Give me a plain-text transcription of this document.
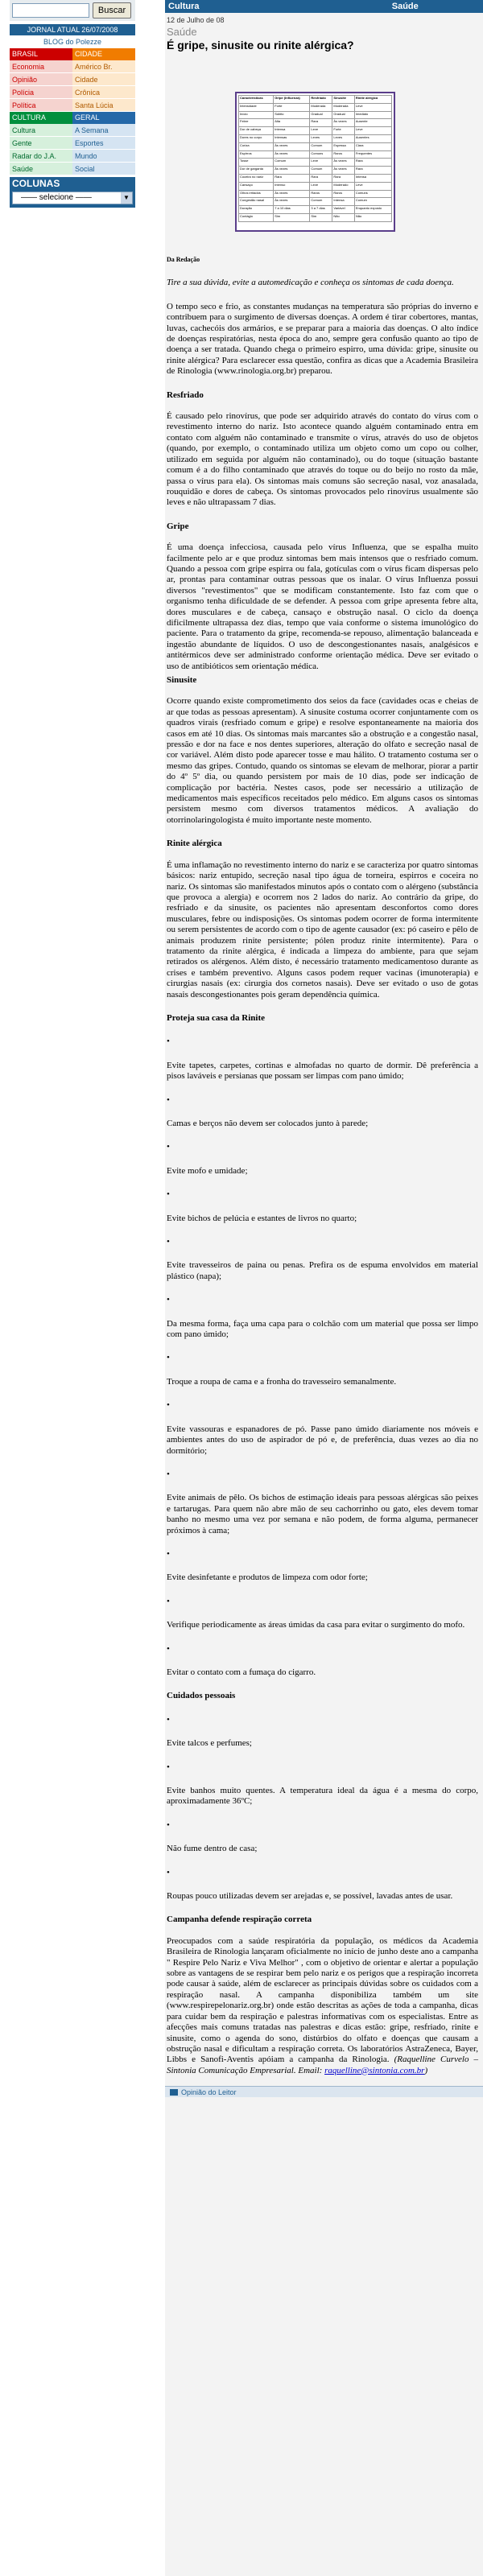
Buscar
JORNAL ATUAL 26/07/2008
BLOG do Polezze
BRASIL	CIDADE
Economia	Américo Br.
Opinião	Cidade
Polícia	Crônica
Política	Santa Lúcia
CULTURA	GERAL
Cultura	A Semana
Gente	Esportes
Radar do J.A.	Mundo
Saúde	Social
COLUNAS
—— selecione ——	▼
Cultura	Saúde
12 de Julho de 08
Saúde
É gripe, sinusite ou rinite alérgica?
Características	Gripe (Influenza)	Resfriado	Sinusite	Rinite alérgica
Intensidade	Forte	Moderada	Moderada	Leve
Início	Súbito	Gradual	Gradual	Imediato
Febre	Alta	Rara	Às vezes	Ausente
Dor de cabeça	Intensa	Leve	Forte	Leve
Dores no corpo	Intensas	Leves	Leves	Ausentes
Coriza	Às vezes	Comum	Espessa	Clara
Espirros	Às vezes	Comuns	Raros	Frequentes
Tosse	Comum	Leve	Às vezes	Rara
Dor de garganta	Às vezes	Comum	Às vezes	Rara
Coceira no nariz	Rara	Rara	Rara	Intensa
Cansaço	Intenso	Leve	Moderado	Leve
Olhos irritados	Às vezes	Raros	Raros	Comuns
Congestão nasal	Às vezes	Comum	Intensa	Comum
Duração	7 a 10 dias	3 a 7 dias	Variável	Enquanto exposto
Contágio	Sim	Sim	Não	Não
Da Redação

Tire a sua dúvida, evite a automedicação e conheça os sintomas de cada doença.

O tempo seco e frio, as constantes mudanças na temperatura são próprias do inverno e contribuem para o surgimento de diversas doenças. A ordem é tirar cobertores, mantas, luvas, cachecóis dos armários, e se preparar para a maioria das doenças. O alto índice de doenças respiratórias, nesta época do ano, sempre gera confusão quanto ao tipo de doença a ser tratada. Quando chega o primeiro espirro, uma dúvida: gripe, sinusite ou rinite alérgica? Para esclarecer essa questão, confira as dicas que a Academia Brasileira de Rinologia (www.rinologia.org.br) preparou.

Resfriado

É causado pelo rinovírus, que pode ser adquirido através do contato do vírus com o revestimento interno do nariz. Isto acontece quando alguém contaminado entra em contato com alguém não contaminado e transmite o vírus, através do uso de objetos (quando, por exemplo, o contaminado utiliza um objeto como um copo ou colher, utilizado em seguida por alguém não contaminado), ou do toque (situação bastante comum é a do filho contaminado que através do toque ou do beijo no rosto da mãe, passa o vírus para ela). Os sintomas mais comuns são secreção nasal, voz anasalada, rouquidão e dores de cabeça. Os sintomas provocados pelo rinovírus usualmente são leves e não ultrapassam 7 dias.

Gripe

É uma doença infecciosa, causada pelo vírus Influenza, que se espalha muito facilmente pelo ar e que produz sintomas bem mais intensos que o resfriado comum. Quando a pessoa com gripe espirra ou fala, gotículas com o vírus ficam dispersas pelo ar, prontas para contaminar outras pessoas que os inalar. O vírus Influenza possui diversos "revestimentos" que se modificam constantemente. Isto faz com que o organismo tenha dificuldade de se defender. A pessoa com gripe apresenta febre alta, dores musculares e de cabeça, cansaço e obstrução nasal. O ciclo da doença dificilmente ultrapassa dez dias, tempo que vaia conforme o sistema imunológico do paciente. Para o tratamento da gripe, recomenda-se repouso, alimentação balanceada e ingestão abundante de líquidos. O uso de descongestionantes nasais, analgésicos e antitérmicos deve ser administrado conforme orientação médica. Deve ser evitado o uso de antibióticos sem orientação médica.

Sinusite

Ocorre quando existe comprometimento dos seios da face (cavidades ocas e cheias de ar que todas as pessoas apresentam). A sinusite costuma ocorrer conjuntamente com os quadros virais (resfriado comum e gripe) e resolve espontaneamente na maioria dos casos em até 10 dias. Os sintomas mais marcantes são a obstrução e a congestão nasal, pressão e dor na face e nos dentes superiores, alteração do olfato e secreção nasal de cor variável. Além disto pode aparecer tosse e mau hálito. O tratamento costuma ser o mesmo das gripes. Contudo, quando os sintomas se elevam de melhorar, piorar a partir do 4º 5º dia, ou quando persistem por mais de 10 dias, pode ser indicação de complicação por bactéria. Nestes casos, pode ser necessário a utilização de medicamentos mais específicos receitados pelo médico. Em alguns casos os sintomas persistem mesmo com diversos tratamentos médicos. A avaliação do otorrinolaringologista é muito importante neste momento.

Rinite alérgica

É uma inflamação no revestimento interno do nariz e se caracteriza por quatro sintomas básicos: nariz entupido, secreção nasal tipo água de torneira, espirros e coceira no nariz. Os sintomas são manifestados minutos após o contato com o alérgeno (substância que provoca a alergia) e ocorrem nos 2 lados do nariz. Ao contrário da gripe, do resfriado e da sinusite, os pacientes não apresentam desconfortos como dores musculares, febre ou indisposições. Os sintomas podem ocorrer de forma intermitente ou serem persistentes de acordo com o tipo de agente causador (ex: pó caseiro e pêlo de animais produzem rinite persistente; pólen produz rinite intermitente). Para o tratamento da rinite alérgica, é indicada a limpeza do ambiente, para que sejam retirados os alérgenos. Além disto, é necessário tratamento medicamentoso durante as crises e também preventivo. Alguns casos podem requer vacinas (imunoterapia) e cirurgias nasais (ex: cirurgia dos cornetos nasais). Deve ser evitado o uso de gotas nasais descongestionantes pois geram dependência química.

Proteja sua casa da Rinite
•
Evite tapetes, carpetes, cortinas e almofadas no quarto de dormir. Dê preferência a pisos laváveis e persianas que possam ser limpas com pano úmido;
•
Camas e berços não devem ser colocados junto à parede;
•
Evite mofo e umidade;
•
Evite bichos de pelúcia e estantes de livros no quarto;
•
Evite travesseiros de paina ou penas. Prefira os de espuma envolvidos em material plástico (napa);
•
Da mesma forma, faça uma capa para o colchão com um material que possa ser limpo com pano úmido;
•
Troque a roupa de cama e a fronha do travesseiro semanalmente.
•
Evite vassouras e espanadores de pó. Passe pano úmido diariamente nos móveis e ambientes antes do uso de aspirador de pó e, de preferência, duas vezes ao dia no dormitório;
•
Evite animais de pêlo. Os bichos de estimação ideais para pessoas alérgicas são peixes e tartarugas. Para quem não abre mão de seu cachorrinho ou gato, eles devem tomar banho no mesmo uma vez por semana e não podem, de forma alguma, permanecer próximos à cama;
•
Evite desinfetante e produtos de limpeza com odor forte;
•
Verifique periodicamente as áreas úmidas da casa para evitar o surgimento do mofo.
•
Evitar o contato com a fumaça do cigarro.
Cuidados pessoais
•
Evite talcos e perfumes;
•
Evite banhos muito quentes. A temperatura ideal da água é a mesma do corpo, aproximadamente 36ºC;
•
Não fume dentro de casa;
•
Roupas pouco utilizadas devem ser arejadas e, se possível, lavadas antes de usar.
Campanha defende respiração correta

Preocupados com a saúde respiratória da população, os médicos da Academia Brasileira de Rinologia lançaram oficialmente no início de junho deste ano a campanha " Respire Pelo Nariz e Viva Melhor" , com o objetivo de orientar e alertar a população sobre as vantagens de se respirar bem pelo nariz e os perigos que a respiração incorreta pode causar à saúde, além de esclarecer as principais dúvidas sobre os cuidados com a respiração nasal. A campanha disponibiliza também um site (www.respirepelonariz.org.br) onde estão descritas as ações de toda a campanha, dicas para cuidar bem da respiração e palestras informativas com os especialistas. Entre as afecções mais comuns tratadas nas palestras e dicas estão: gripe, resfriado, rinite e sinusite, como o agenda do sono, distúrbios do olfato e doenças que causam a obstrução nasal e dificultam a respiração correta. Os laboratórios AstraZeneca, Bayer, Libbs e Sanofi-Aventis apóiam a campanha da Rinologia. (Raquelline Curvelo – Sintonia Comunicação Empresarial. Email: raquelline@sintonia.com.br)

Opinião do Leitor
